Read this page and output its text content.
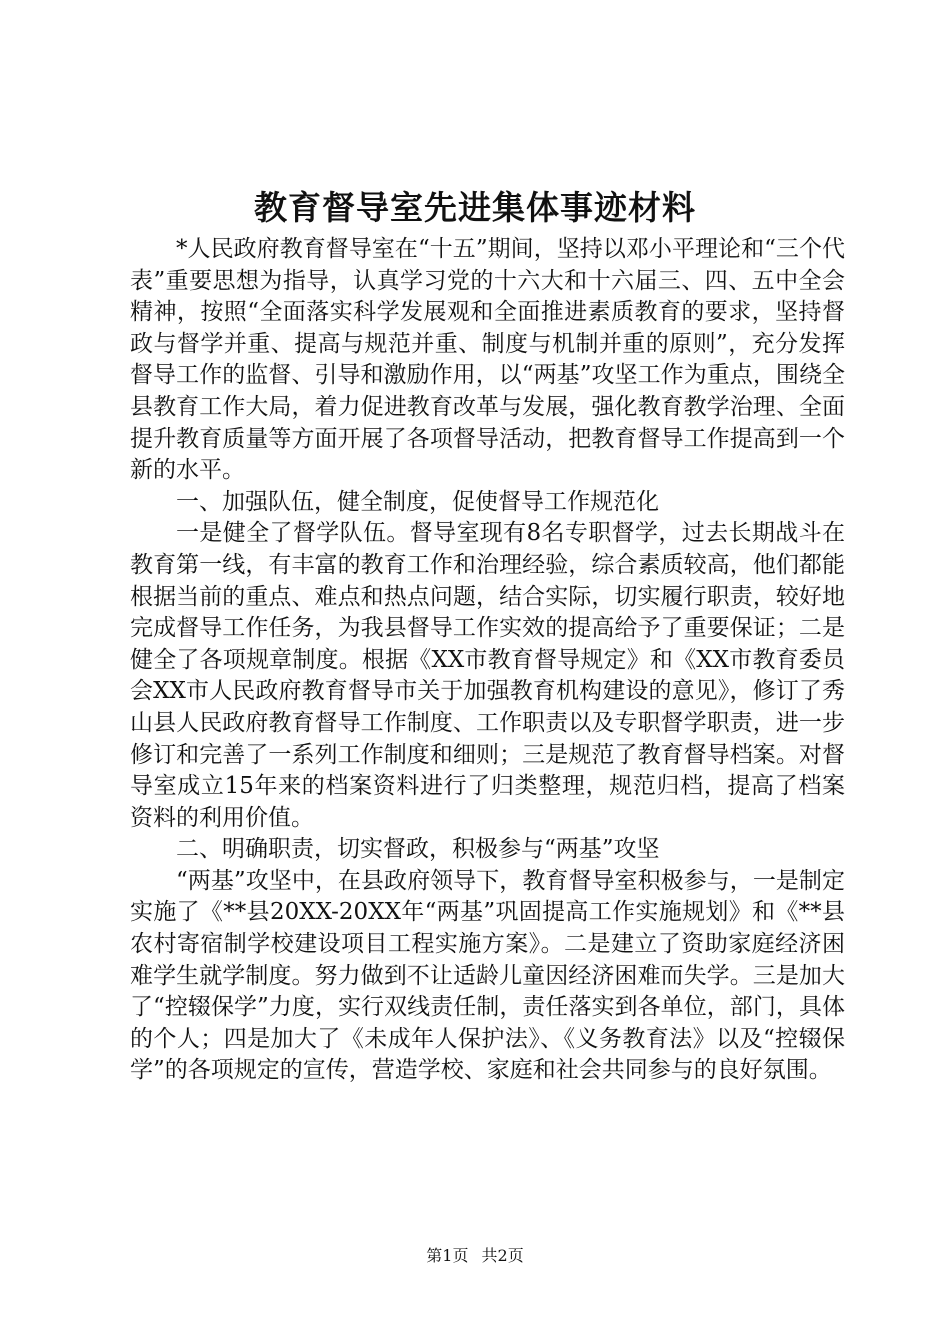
教育督导室先进集体事迹材料

*人民政府教育督导室在“十五”期间，坚持以邓小平理论和“三个代表”重要思想为指导，认真学习党的十六大和十六届三、四、五中全会精神，按照“全面落实科学发展观和全面推进素质教育的要求，坚持督政与督学并重、提高与规范并重、制度与机制并重的原则”，充分发挥督导工作的监督、引导和激励作用，以“两基”攻坚工作为重点，围绕全县教育工作大局，着力促进教育改革与发展，强化教育教学治理、全面提升教育质量等方面开展了各项督导活动，把教育督导工作提高到一个新的水平。

一、加强队伍，健全制度，促使督导工作规范化

一是健全了督学队伍。督导室现有8名专职督学，过去长期战斗在教育第一线，有丰富的教育工作和治理经验，综合素质较高，他们都能根据当前的重点、难点和热点问题，结合实际，切实履行职责，较好地完成督导工作任务，为我县督导工作实效的提高给予了重要保证；二是健全了各项规章制度。根据《XX市教育督导规定》和《XX市教育委员会XX市人民政府教育督导市关于加强教育机构建设的意见》，修订了秀山县人民政府教育督导工作制度、工作职责以及专职督学职责，进一步修订和完善了一系列工作制度和细则；三是规范了教育督导档案。对督导室成立15年来的档案资料进行了归类整理，规范归档，提高了档案资料的利用价值。

二、明确职责，切实督政，积极参与“两基”攻坚

“两基”攻坚中，在县政府领导下，教育督导室积极参与，一是制定实施了《**县20XX-20XX年“两基”巩固提高工作实施规划》和《**县农村寄宿制学校建设项目工程实施方案》。二是建立了资助家庭经济困难学生就学制度。努力做到不让适龄儿童因经济困难而失学。三是加大了“控辍保学”力度，实行双线责任制，责任落实到各单位，部门，具体的个人；四是加大了《未成年人保护法》、《义务教育法》以及“控辍保学”的各项规定的宣传，营造学校、家庭和社会共同参与的良好氛围。

第1页 共2页
